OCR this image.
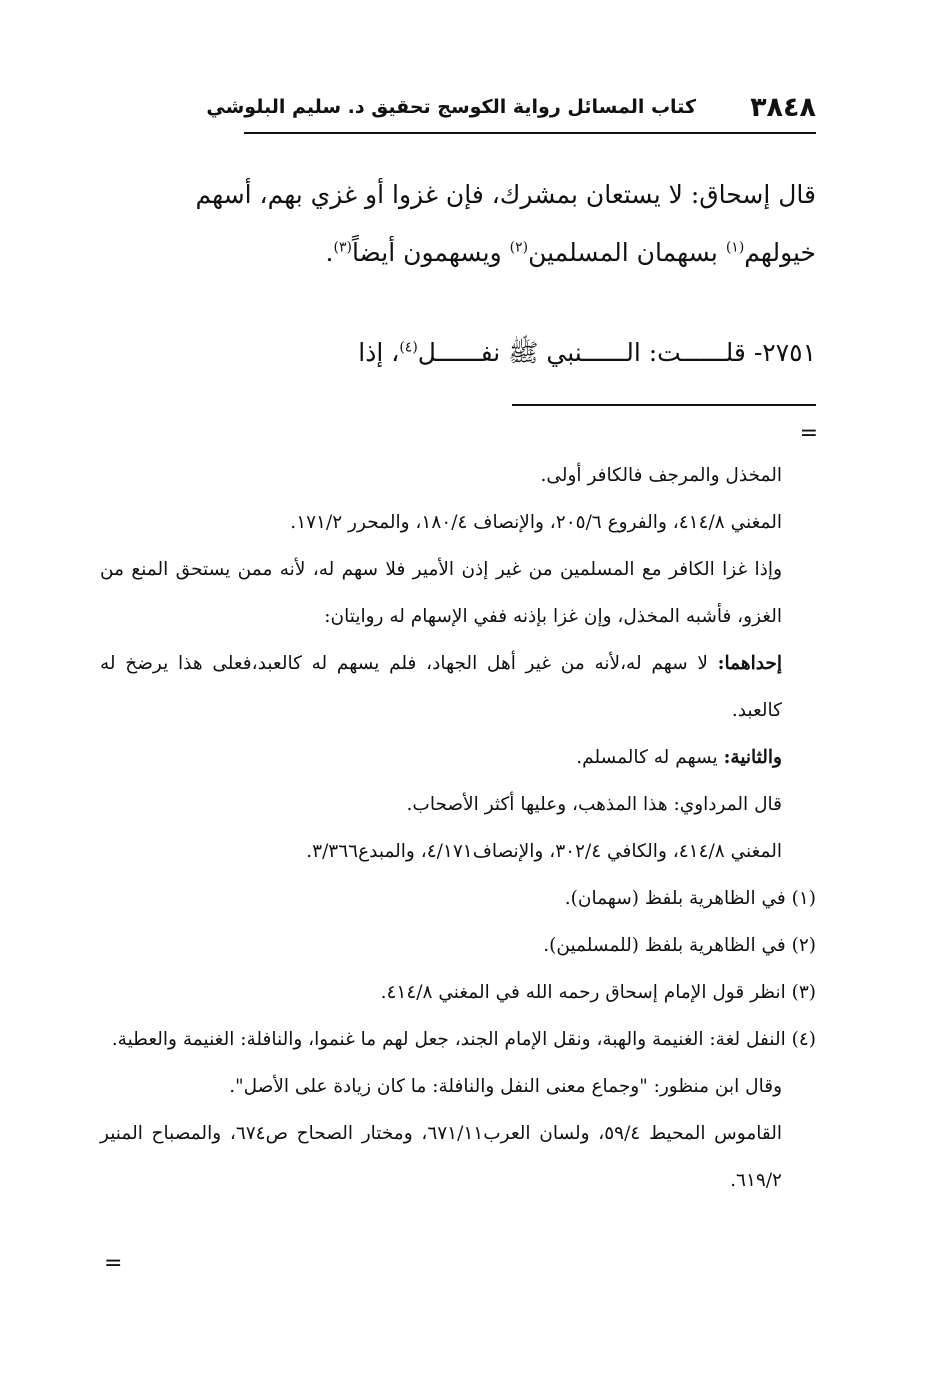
٣٨٤٨
كتاب المسائل رواية الكوسج تحقيق د. سليم البلوشي

قال إسحاق: لا يستعان بمشرك، فإن غزوا أو غزي بهم، أسهم

خيولهم$^{(١)}$ بسهمان المسلمين$^{(٢)}$ ويسهمون أيضاً$^{(٣)}$.

٢٧٥١- قلــــــت: الــــــنبي ﷺ نفــــــل$^{(٤)}$، إذا
=

المخذل والمرجف فالكافر أولى.

المغني ٤١٤/٨، والفروع ٢٠٥/٦، والإنصاف ١٨٠/٤، والمحرر ١٧١/٢.

وإذا غزا الكافر مع المسلمين من غير إذن الأمير فلا سهم له، لأنه ممن يستحق المنع من الغزو، فأشبه المخذل، وإن غزا بإذنه ففي الإسهام له روايتان:

إحداهما: لا سهم له،لأنه من غير أهل الجهاد، فلم يسهم له كالعبد،فعلى هذا يرضخ له كالعبد.

والثانية: يسهم له كالمسلم.

قال المرداوي: هذا المذهب، وعليها أكثر الأصحاب.

المغني ٤١٤/٨، والكافي ٣٠٢/٤، والإنصاف٤/١٧١، والمبدع٣/٣٦٦.

(١) في الظاهرية بلفظ (سهمان).

(٢) في الظاهرية بلفظ (للمسلمين).

(٣) انظر قول الإمام إسحاق رحمه الله في المغني ٤١٤/٨.

(٤) النفل لغة: الغنيمة والهبة، ونقل الإمام الجند، جعل لهم ما غنموا، والنافلة: الغنيمة والعطية.

وقال ابن منظور: "وجماع معنى النفل والنافلة: ما كان زيادة على الأصل".

القاموس المحيط ٥٩/٤، ولسان العرب٦٧١/١١، ومختار الصحاح ص٦٧٤، والمصباح المنير ٦١٩/٢.

=
